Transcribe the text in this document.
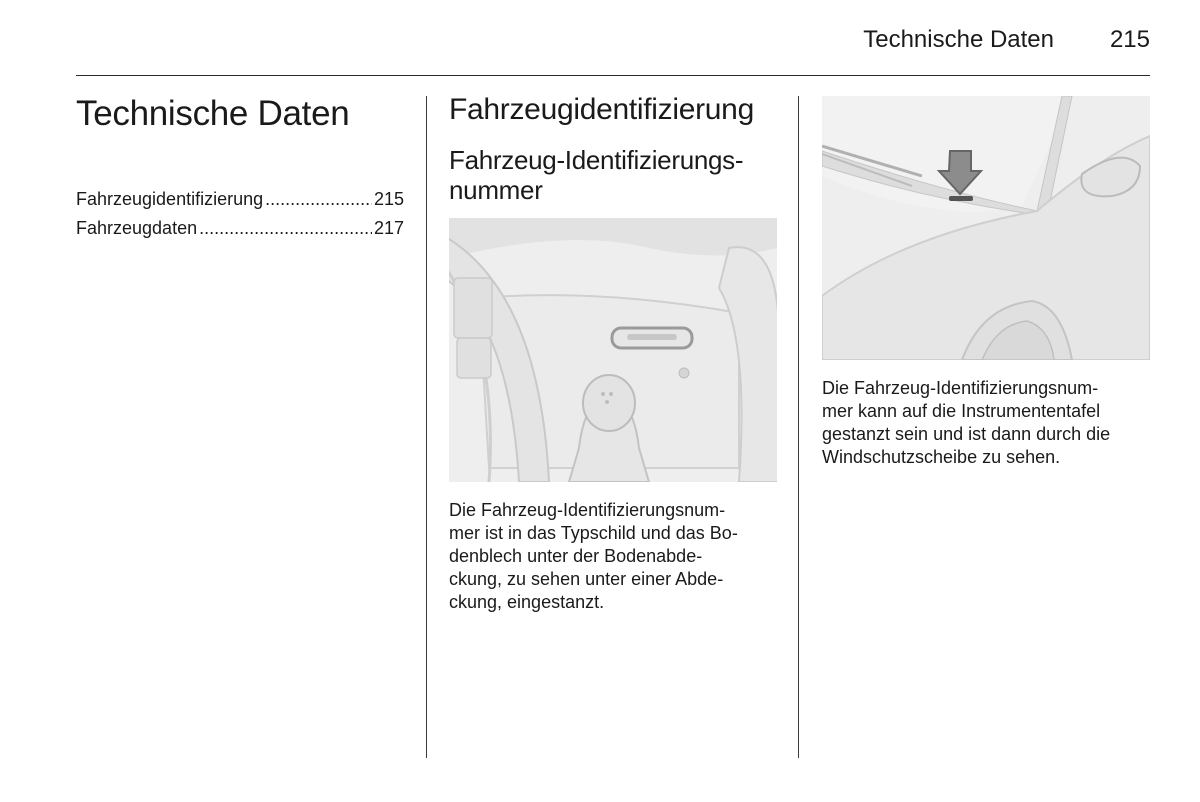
Technische Daten 215
Technische Daten
Fahrzeugidentifizierung .....	215
Fahrzeugdaten .....	217
Fahrzeugidentifizierung
Fahrzeug-Identifizierungs-
nummer
Die Fahrzeug-Identifizierungsnum-
mer ist in das Typschild und das Bo-
denblech unter der Bodenabde-
ckung, zu sehen unter einer Abde-
ckung, eingestanzt.
Die Fahrzeug-Identifizierungsnum-
mer kann auf die Instrumententafel
gestanzt sein und ist dann durch die
Windschutzscheibe zu sehen.
